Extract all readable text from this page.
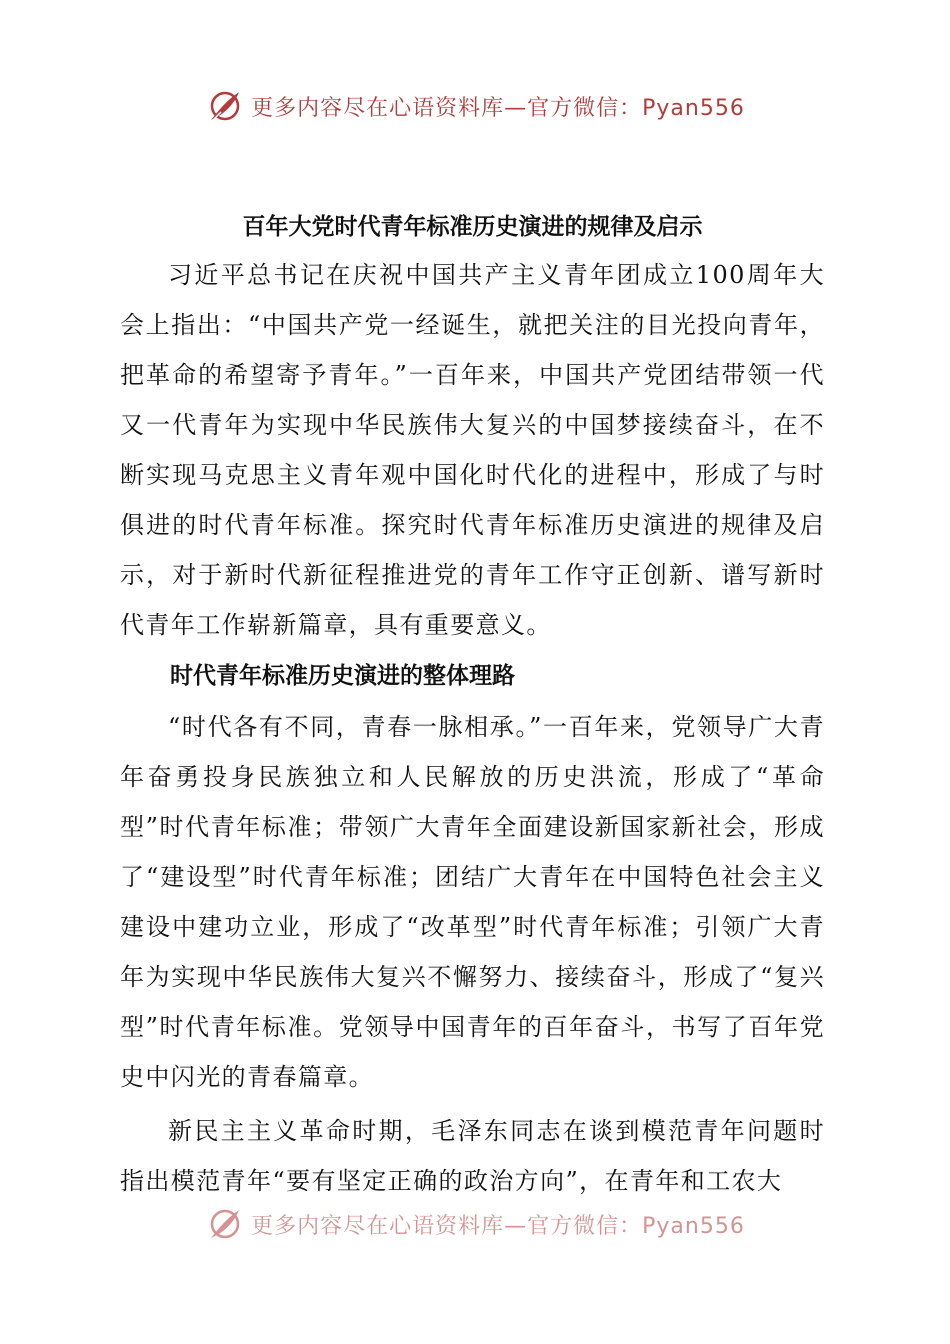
更多内容尽在心语资料库—官方微信：Pyan556
百年大党时代青年标准历史演进的规律及启示

习近平总书记在庆祝中国共产主义青年团成立100周年大会上指出：“中国共产党一经诞生，就把关注的目光投向青年，把革命的希望寄予青年。”一百年来，中国共产党团结带领一代又一代青年为实现中华民族伟大复兴的中国梦接续奋斗，在不断实现马克思主义青年观中国化时代化的进程中，形成了与时俱进的时代青年标准。探究时代青年标准历史演进的规律及启示，对于新时代新征程推进党的青年工作守正创新、谱写新时代青年工作崭新篇章，具有重要意义。

时代青年标准历史演进的整体理路

“时代各有不同，青春一脉相承。”一百年来，党领导广大青年奋勇投身民族独立和人民解放的历史洪流，形成了“革命型”时代青年标准；带领广大青年全面建设新国家新社会，形成了“建设型”时代青年标准；团结广大青年在中国特色社会主义建设中建功立业，形成了“改革型”时代青年标准；引领广大青年为实现中华民族伟大复兴不懈努力、接续奋斗，形成了“复兴型”时代青年标准。党领导中国青年的百年奋斗，书写了百年党史中闪光的青春篇章。

新民主主义革命时期，毛泽东同志在谈到模范青年问题时指出模范青年“要有坚定正确的政治方向”，在青年和工农大

更多内容尽在心语资料库—官方微信：Pyan556
